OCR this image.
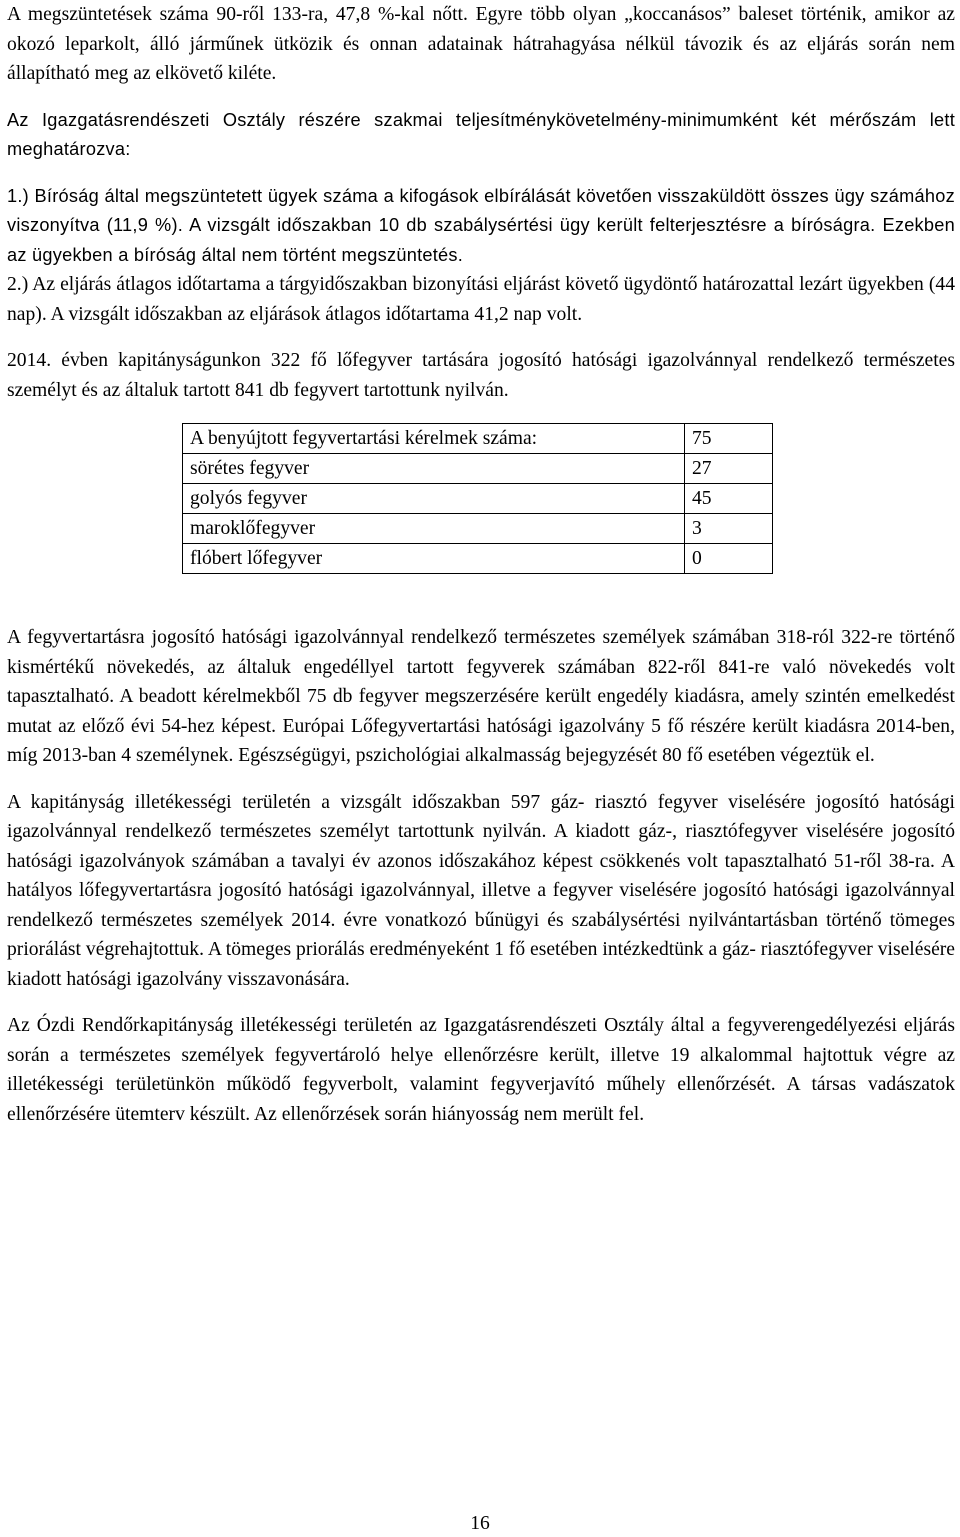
A megszüntetések száma 90-ről 133-ra, 47,8 %-kal nőtt. Egyre több olyan „koccanásos” baleset történik, amikor az okozó leparkolt, álló járműnek ütközik és onnan adatainak hátrahagyása nélkül távozik és az eljárás során nem állapítható meg az elkövető kiléte.

Az Igazgatásrendészeti Osztály részére szakmai teljesítménykövetelmény-minimumként két mérőszám lett meghatározva:

1.) Bíróság által megszüntetett ügyek száma a kifogások elbírálását követően visszaküldött összes ügy számához viszonyítva (11,9 %). A vizsgált időszakban 10 db szabálysértési ügy került felterjesztésre a bíróságra. Ezekben az ügyekben a bíróság által nem történt megszüntetés.

2.) Az eljárás átlagos időtartama a tárgyidőszakban bizonyítási eljárást követő ügydöntő határozattal lezárt ügyekben (44 nap). A vizsgált időszakban az eljárások átlagos időtartama 41,2 nap volt.

2014. évben kapitányságunkon 322 fő lőfegyver tartására jogosító hatósági igazolvánnyal rendelkező természetes személyt és az általuk tartott 841 db fegyvert tartottunk nyilván.

A benyújtott fegyvertartási kérelmek száma:	75
sörétes fegyver	27
golyós fegyver	45
maroklőfegyver	3
flóbert lőfegyver	0

A fegyvertartásra jogosító hatósági igazolvánnyal rendelkező természetes személyek számában 318-ról 322-re történő kismértékű növekedés, az általuk engedéllyel tartott fegyverek számában 822-ről 841-re való növekedés volt tapasztalható. A beadott kérelmekből 75 db fegyver megszerzésére került engedély kiadásra, amely szintén emelkedést mutat az előző évi 54-hez képest. Európai Lőfegyvertartási hatósági igazolvány 5 fő részére került kiadásra 2014-ben, míg 2013-ban 4 személynek. Egészségügyi, pszichológiai alkalmasság bejegyzését 80 fő esetében végeztük el.

A kapitányság illetékességi területén a vizsgált időszakban 597 gáz- riasztó fegyver viselésére jogosító hatósági igazolvánnyal rendelkező természetes személyt tartottunk nyilván. A kiadott gáz-, riasztófegyver viselésére jogosító hatósági igazolványok számában a tavalyi év azonos időszakához képest csökkenés volt tapasztalható 51-ről 38-ra. A hatályos lőfegyvertartásra jogosító hatósági igazolvánnyal, illetve a fegyver viselésére jogosító hatósági igazolvánnyal rendelkező természetes személyek 2014. évre vonatkozó bűnügyi és szabálysértési nyilvántartásban történő tömeges priorálást végrehajtottuk. A tömeges priorálás eredményeként 1 fő esetében intézkedtünk a gáz- riasztófegyver viselésére kiadott hatósági igazolvány visszavonására.

Az Ózdi Rendőrkapitányság illetékességi területén az Igazgatásrendészeti Osztály által a fegyverengedélyezési eljárás során a természetes személyek fegyvertároló helye ellenőrzésre került, illetve 19 alkalommal hajtottuk végre az illetékességi területünkön működő fegyverbolt, valamint fegyverjavító műhely ellenőrzését. A társas vadászatok ellenőrzésére ütemterv készült. Az ellenőrzések során hiányosság nem merült fel.

16
